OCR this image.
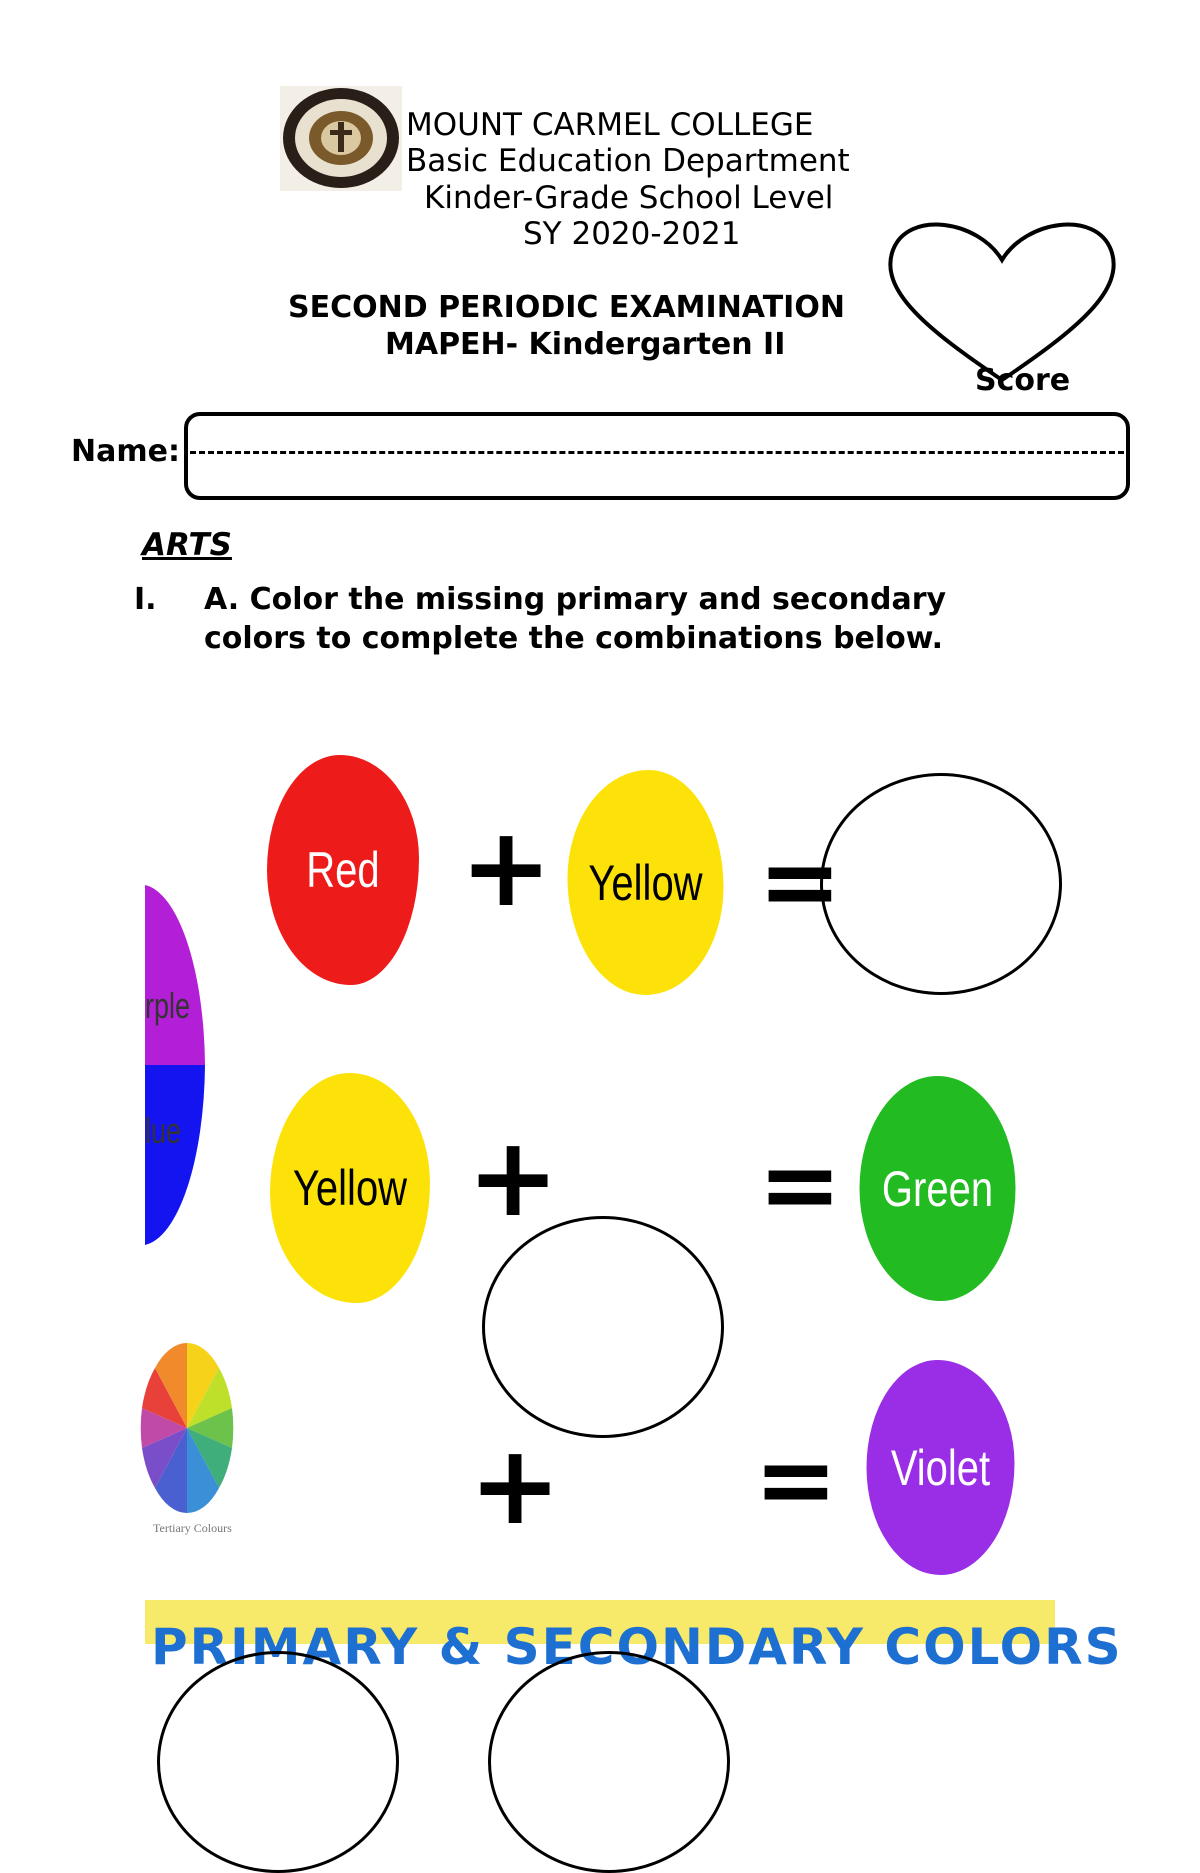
MOUNT CARMEL COLLEGE
Basic Education Department
Kinder-Grade School Level
SY 2020-2021
SECOND PERIODIC EXAMINATION
MAPEH- Kindergarten II
Score
Name:
ARTS
I. A. Color the missing primary and secondary
colors to complete the combinations below.
rple
lue
Tertiary Colours
Red + Yellow =
Yellow + = Green
+ = Violet
PRIMARY & SECONDARY COLORS
